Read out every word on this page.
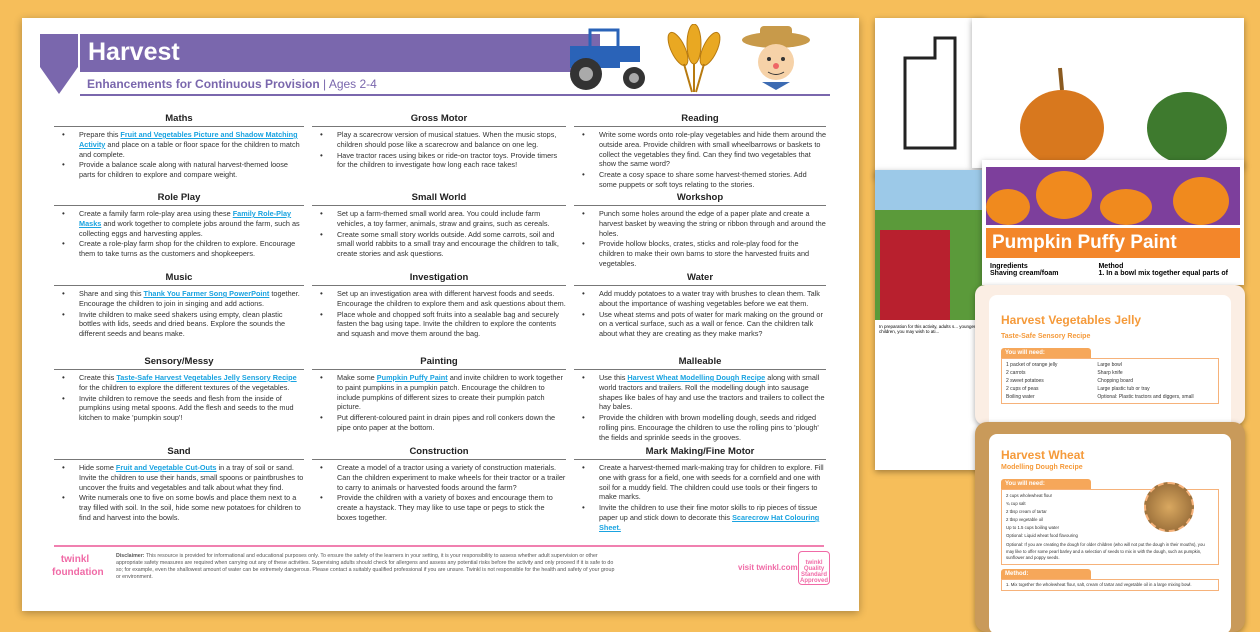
Harvest
Enhancements for Continuous Provision | Ages 2-4
Maths
• Prepare this Fruit and Vegetables Picture and Shadow Matching Activity and place on a table or floor space for the children to match and complete.
• Provide a balance scale along with natural harvest-themed loose parts for children to explore and compare weight.
Gross Motor
• Play a scarecrow version of musical statues. When the music stops, children should pose like a scarecrow and balance on one leg.
• Have tractor races using bikes or ride-on tractor toys. Provide timers for the children to investigate how long each race takes!
Reading
• Write some words onto role-play vegetables and hide them around the outside area. Provide children with small wheelbarrows or baskets to collect the vegetables they find. Can they find two vegetables that show the same word?
• Create a cosy space to share some harvest-themed stories. Add some puppets or soft toys relating to the stories.
Role Play
• Create a family farm role-play area using these Family Role-Play Masks and work together to complete jobs around the farm, such as collecting eggs and harvesting apples.
• Create a role-play farm shop for the children to explore. Encourage them to take turns as the customers and shopkeepers.
Small World
• Set up a farm-themed small world area. You could include farm vehicles, a toy farmer, animals, straw and grains, such as cereals.
• Create some small story worlds outside. Add some carrots, soil and small world rabbits to a small tray and encourage the children to talk, create stories and ask questions.
Workshop
• Punch some holes around the edge of a paper plate and create a harvest basket by weaving the string or ribbon through and around the holes.
• Provide hollow blocks, crates, sticks and role-play food for the children to make their own barns to store the harvested fruits and vegetables.
Music
• Share and sing this Thank You Farmer Song PowerPoint together. Encourage the children to join in singing and add actions.
• Invite children to make seed shakers using empty, clean plastic bottles with lids, seeds and dried beans. Explore the sounds the different seeds and beans make.
Investigation
• Set up an investigation area with different harvest foods and seeds. Encourage the children to explore them and ask questions about them.
• Place whole and chopped soft fruits into a sealable bag and securely fasten the bag using tape. Invite the children to explore the contents and squash and move them around the bag.
Water
• Add muddy potatoes to a water tray with brushes to clean them. Talk about the importance of washing vegetables before we eat them.
• Use wheat stems and pots of water for mark making on the ground or on a vertical surface, such as a wall or fence. Can the children talk about what they are creating as they make marks?
Sensory/Messy
• Create this Taste-Safe Harvest Vegetables Jelly Sensory Recipe for the children to explore the different textures of the vegetables.
• Invite children to remove the seeds and flesh from the inside of pumpkins using metal spoons. Add the flesh and seeds to the mud kitchen to make 'pumpkin soup'!
Painting
• Make some Pumpkin Puffy Paint and invite children to work together to paint pumpkins in a pumpkin patch. Encourage the children to include pumpkins of different sizes to create their pumpkin patch picture.
• Put different-coloured paint in drain pipes and roll conkers down the pipe onto paper at the bottom.
Malleable
• Use this Harvest Wheat Modelling Dough Recipe along with small world tractors and trailers. Roll the modelling dough into sausage shapes like bales of hay and use the tractors and trailers to collect the hay bales.
• Provide the children with brown modelling dough, seeds and ridged rolling pins. Encourage the children to use the rolling pins to 'plough' the fields and sprinkle seeds in the grooves.
Sand
• Hide some Fruit and Vegetable Cut-Outs in a tray of soil or sand. Invite the children to use their hands, small spoons or paintbrushes to uncover the fruits and vegetables and talk about what they find.
• Write numerals one to five on some bowls and place them next to a tray filled with soil. In the soil, hide some new potatoes for children to find and harvest into the bowls.
Construction
• Create a model of a tractor using a variety of construction materials. Can the children experiment to make wheels for their tractor or a trailer to carry to animals or harvested foods around the farm?
• Provide the children with a variety of boxes and encourage them to create a haystack. They may like to use tape or pegs to stick the boxes together.
Mark Making/Fine Motor
• Create a harvest-themed mark-making tray for children to explore. Fill one with grass for a field, one with seeds for a cornfield and one with soil for a muddy field. The children could use tools or their fingers to make marks.
• Invite the children to use their fine motor skills to rip pieces of tissue paper up and stick down to decorate this Scarecrow Hat Colouring Sheet.
twinkl foundation
Disclaimer: This resource is provided for informational and educational purposes only. To ensure the safety of the learners in your setting, it is your responsibility to assess whether adult supervision or other appropriate safety measures are required when carrying out any of these activities. Supervising adults should check for allergens and assess any potential risks before the activity and only proceed if it is safe to do so; for example, even the shallowest amount of water can be extremely dangerous. Please contact a suitably qualified professional if you are unsure. Twinkl is not responsible for the health and safety of your group or environment.
visit twinkl.com	twinkl Quality Standard Approved
In preparation for this activity, adults s... younger children, you may wish to ati...
Pumpkin Puffy Paint
Ingredients
Shaving cream/foam
Method
1. In a bowl mix together equal parts of
Harvest Vegetables Jelly
Taste-Safe Sensory Recipe
You will need:
1 packet of orange jelly
2 carrots
2 sweet potatoes
2 cups of peas
Boiling water
Large bowl
Sharp knife
Chopping board
Large plastic tub or tray
Optional: Plastic tractors and diggers, small
Harvest Wheat
Modelling Dough Recipe
You will need:
2 cups wholewheat flour
¾ cup salt
2 tbsp cream of tartar
2 tbsp vegetable oil
Up to 1.5 cups boiling water
Optional: Liquid wheat food flavouring
Optional: If you are creating the dough for older children (who will not put the dough in their mouths), you may like to offer some pearl barley and a selection of seeds to mix in with the dough, such as pumpkin, sunflower and poppy seeds.
Method:
1. Mix together the wholewheat flour, salt, cream of tartar and vegetable oil in a large mixing bowl.
